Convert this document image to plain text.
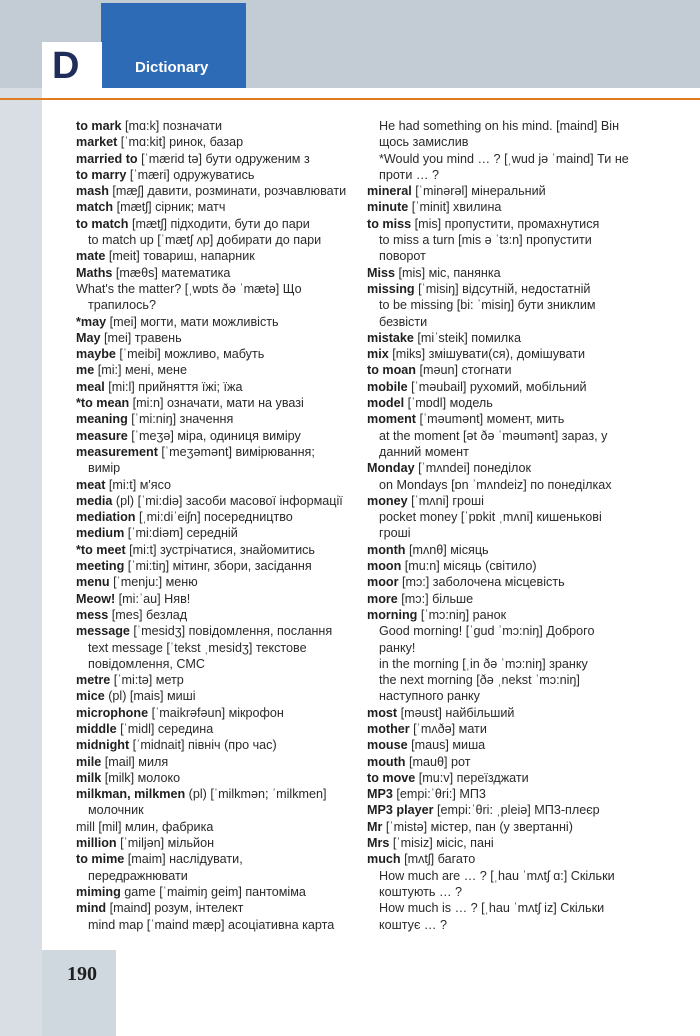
D	Dictionary
to mark [mɑ:k] позначати
market [ˈmɑ:kit] ринок, базар
married to [ˈmærid tə] бути одруженим з
to marry [ˈmæri] одружуватись
mash [mæʃ] давити, розминати, розчавлювати
match [mætʃ] сірник; матч
to match [mætʃ] підходити, бути до пари
to match up [ˈmætʃ ʌp] добирати до пари
mate [meit] товариш, напарник
Maths [mæθs] математика
What's the matter? [ˌwɒts ðə ˈmætə] Що
трапилось?
*may [mei] могти, мати можливість
May [mei] травень
maybe [ˈmeibi] можливо, мабуть
me [mi:] мені, мене
meal [mi:l] прийняття їжі; їжа
*to mean [mi:n] означати, мати на увазі
meaning [ˈmi:niŋ] значення
measure [ˈmeʒə] міра, одиниця виміру
measurement [ˈmeʒəmənt] вимірювання;
вимір
meat [mi:t] м'ясо
media (pl) [ˈmi:diə] засоби масової інформації
mediation [ˌmi:diˈeiʃn] посередництво
medium [ˈmi:diəm] середній
*to meet [mi:t] зустрічатися, знайомитись
meeting [ˈmi:tiŋ] мітинг, збори, засідання
menu [ˈmenju:] меню
Meow! [mi:ˈau] Няв!
mess [mes] безлад
message [ˈmesidʒ] повідомлення, послання
text message [ˈtekst ˌmesidʒ] текстове
повідомлення, СМС
metre [ˈmi:tə] метр
mice (pl) [mais] миші
microphone [ˈmaikrəfəun] мікрофон
middle [ˈmidl] середина
midnight [ˈmidnait] північ (про час)
mile [mail] миля
milk [milk] молоко
milkman, milkmen (pl) [ˈmilkmən; ˈmilkmen]
молочник
mill [mil] млин, фабрика
million [ˈmiljən] мільйон
to mime [maim] наслідувати,
передражнювати
miming game [ˈmaimiŋ geim] пантоміма
mind [maind] розум, інтелект
mind map [ˈmaind mæp] асоціативна карта
He had something on his mind. [maind] Він
щось замислив
*Would you mind … ? [ˌwud jə ˈmaind] Ти не
проти … ?
mineral [ˈminərəl] мінеральний
minute [ˈminit] хвилина
to miss [mis] пропустити, промахнутися
to miss a turn [mis ə ˈtɜ:n] пропустити
поворот
Miss [mis] міс, панянка
missing [ˈmisiŋ] відсутній, недостатній
to be missing [bi: ˈmisiŋ] бути зниклим
безвісти
mistake [miˈsteik] помилка
mix [miks] змішувати(ся), домішувати
to moan [məun] стогнати
mobile [ˈməubail] рухомий, мобільний
model [ˈmɒdl] модель
moment [ˈməumənt] момент, мить
at the moment [ət ðə ˈməumənt] зараз, у
данний момент
Monday [ˈmʌndei] понеділок
on Mondays [ɒn ˈmʌndeiz] по понеділках
money [ˈmʌni] гроші
pocket money [ˈpɒkit ˌmʌni] кишенькові
гроші
month [mʌnθ] місяць
moon [mu:n] місяць (світило)
moor [mɔ:] заболочена місцевість
more [mɔ:] більше
morning [ˈmɔ:niŋ] ранок
Good morning! [ˈgud ˈmɔ:niŋ] Доброго
ранку!
in the morning [ˌin ðə ˈmɔ:niŋ] зранку
the next morning [ðə ˌnekst ˈmɔ:niŋ]
наступного ранку
most [məust] найбільший
mother [ˈmʌðə] мати
mouse [maus] миша
mouth [mauθ] рот
to move [mu:v] переїзджати
MP3 [empi:ˈθri:] МП3
MP3 player [empi:ˈθri: ˌpleiə] МП3-плеєр
Mr [ˈmistə] містер, пан (у звертанні)
Mrs [ˈmisiz] місіс, пані
much [mʌtʃ] багато
How much are … ? [ˌhau ˈmʌtʃ ɑ:] Скільки
коштують … ?
How much is … ? [ˌhau ˈmʌtʃ iz] Скільки
коштує … ?
190
